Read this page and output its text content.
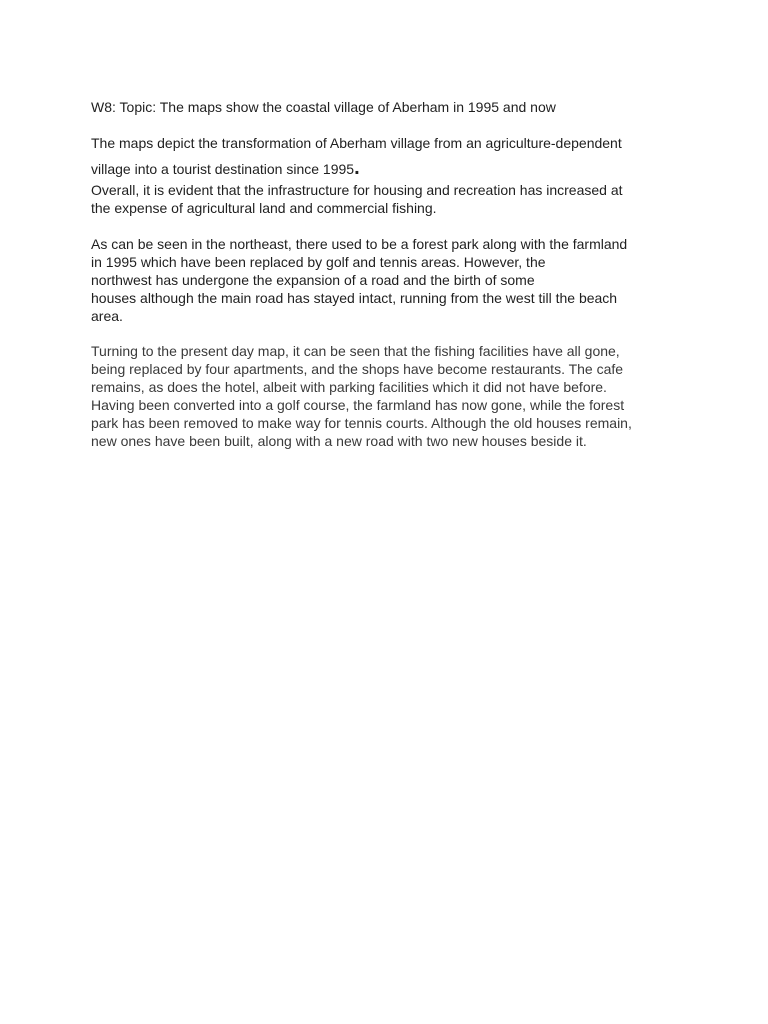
W8: Topic: The maps show the coastal village of Aberham in 1995 and now

The maps depict the transformation of Aberham village from an agriculture-dependent

village into a tourist destination since 1995.

Overall, it is evident that the infrastructure for housing and recreation has increased at
the expense of agricultural land and commercial fishing.

As can be seen in the northeast, there used to be a forest park along with the farmland
in 1995 which have been replaced by golf and tennis areas. However, the
northwest has undergone the expansion of a road and the birth of some
houses although the main road has stayed intact, running from the west till the beach
area.

Turning to the present day map, it can be seen that the fishing facilities have all gone,
being replaced by four apartments, and the shops have become restaurants. The cafe
remains, as does the hotel, albeit with parking facilities which it did not have before.
Having been converted into a golf course, the farmland has now gone, while the forest
park has been removed to make way for tennis courts. Although the old houses remain,
new ones have been built, along with a new road with two new houses beside it.
